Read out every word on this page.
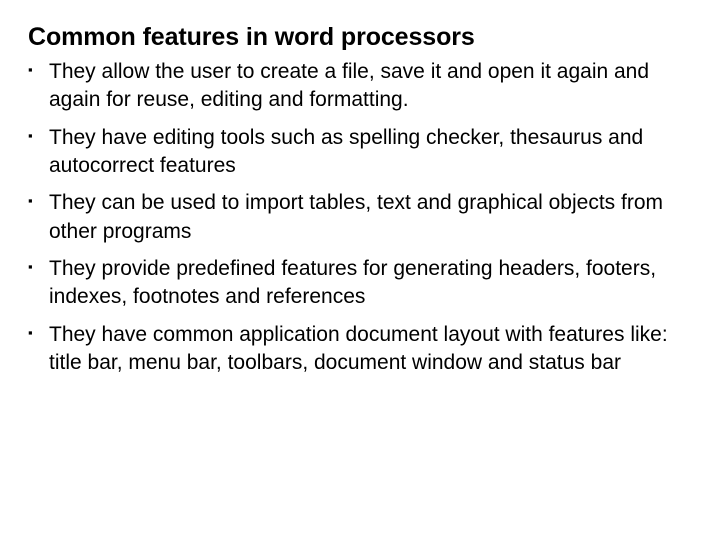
Common features in word processors
▪ They allow the user to create a file, save it and open it again and again for reuse, editing and formatting.
▪ They have editing tools such as spelling checker, thesaurus and autocorrect features
▪ They can be used to import tables, text and graphical objects from other programs
▪ They provide predefined features for generating headers, footers, indexes, footnotes and references
▪ They have common application document layout with features like: title bar, menu bar, toolbars, document window and status bar
